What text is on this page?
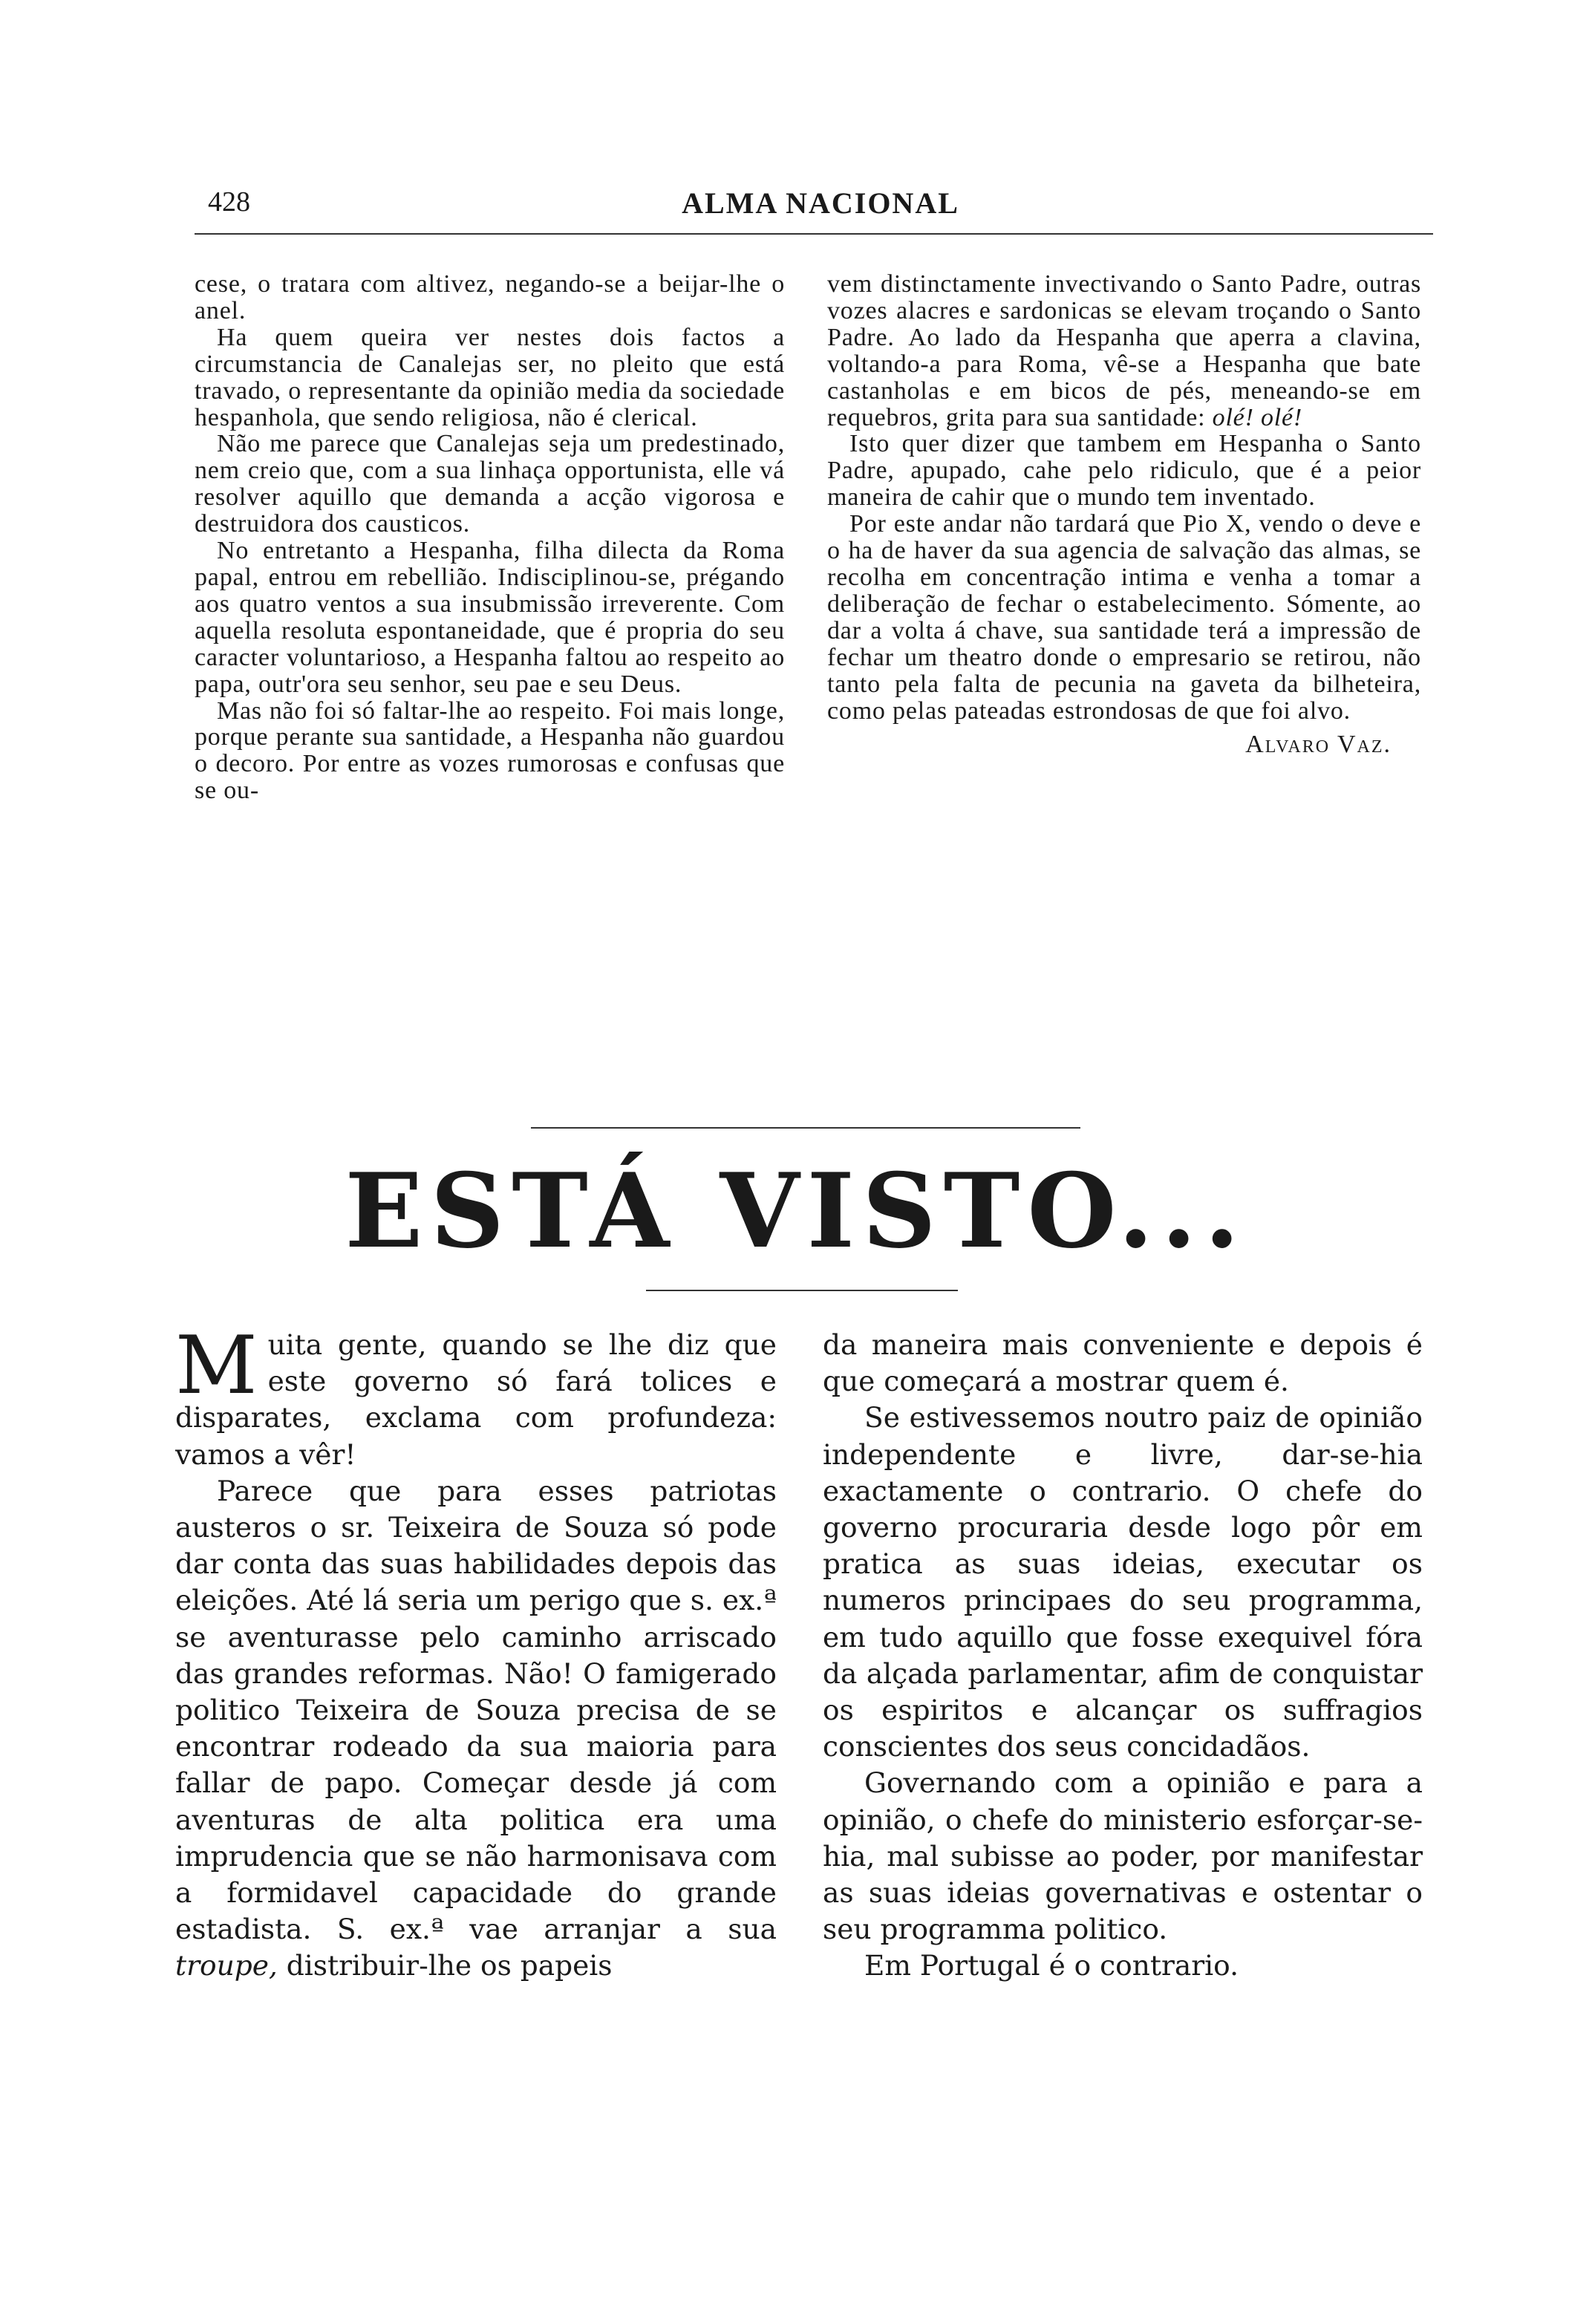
428	ALMA NACIONAL

cese, o tratara com altivez, negando-se a beijar-lhe o anel.

Ha quem queira ver nestes dois factos a circumstancia de Canalejas ser, no pleito que está travado, o representante da opinião media da sociedade hespanhola, que sendo religiosa, não é clerical.

Não me parece que Canalejas seja um predestinado, nem creio que, com a sua linhaça opportunista, elle vá resolver aquillo que demanda a acção vigorosa e destruidora dos causticos.

No entretanto a Hespanha, filha dilecta da Roma papal, entrou em rebellião. Indisciplinou-se, prégando aos quatro ventos a sua insubmissão irreverente. Com aquella resoluta espontaneidade, que é propria do seu caracter voluntarioso, a Hespanha faltou ao respeito ao papa, outr'ora seu senhor, seu pae e seu Deus.

Mas não foi só faltar-lhe ao respeito. Foi mais longe, porque perante sua santidade, a Hespanha não guardou o decoro. Por entre as vozes rumorosas e confusas que se ou-

vem distinctamente invectivando o Santo Padre, outras vozes alacres e sardonicas se elevam troçando o Santo Padre. Ao lado da Hespanha que aperra a clavina, voltando-a para Roma, vê-se a Hespanha que bate castanholas e em bicos de pés, meneando-se em requebros, grita para sua santidade: olé! olé!

Isto quer dizer que tambem em Hespanha o Santo Padre, apupado, cahe pelo ridiculo, que é a peior maneira de cahir que o mundo tem inventado.

Por este andar não tardará que Pio X, vendo o deve e o ha de haver da sua agencia de salvação das almas, se recolha em concentração intima e venha a tomar a deliberação de fechar o estabelecimento. Sómente, ao dar a volta á chave, sua santidade terá a impressão de fechar um theatro donde o empresario se retirou, não tanto pela falta de pecunia na gaveta da bilheteira, como pelas pateadas estrondosas de que foi alvo.

Alvaro Vaz.

ESTÁ VISTO...

Muita gente, quando se lhe diz que este governo só fará tolices e disparates, exclama com profundeza: vamos a vêr!

Parece que para esses patriotas austeros o sr. Teixeira de Souza só pode dar conta das suas habilidades depois das eleições. Até lá seria um perigo que s. ex.ª se aventurasse pelo caminho arriscado das grandes reformas. Não! O famigerado politico Teixeira de Souza precisa de se encontrar rodeado da sua maioria para fallar de papo. Começar desde já com aventuras de alta politica era uma imprudencia que se não harmonisava com a formidavel capacidade do grande estadista. S. ex.ª vae arranjar a sua troupe, distribuir-lhe os papeis

da maneira mais conveniente e depois é que começará a mostrar quem é.

Se estivessemos noutro paiz de opinião independente e livre, dar-se-hia exactamente o contrario. O chefe do governo procuraria desde logo pôr em pratica as suas ideias, executar os numeros principaes do seu programma, em tudo aquillo que fosse exequivel fóra da alçada parlamentar, afim de conquistar os espiritos e alcançar os suffragios conscientes dos seus concidadãos.

Governando com a opinião e para a opinião, o chefe do ministerio esforçar-se-hia, mal subisse ao poder, por manifestar as suas ideias governativas e ostentar o seu programma politico.

Em Portugal é o contrario.
